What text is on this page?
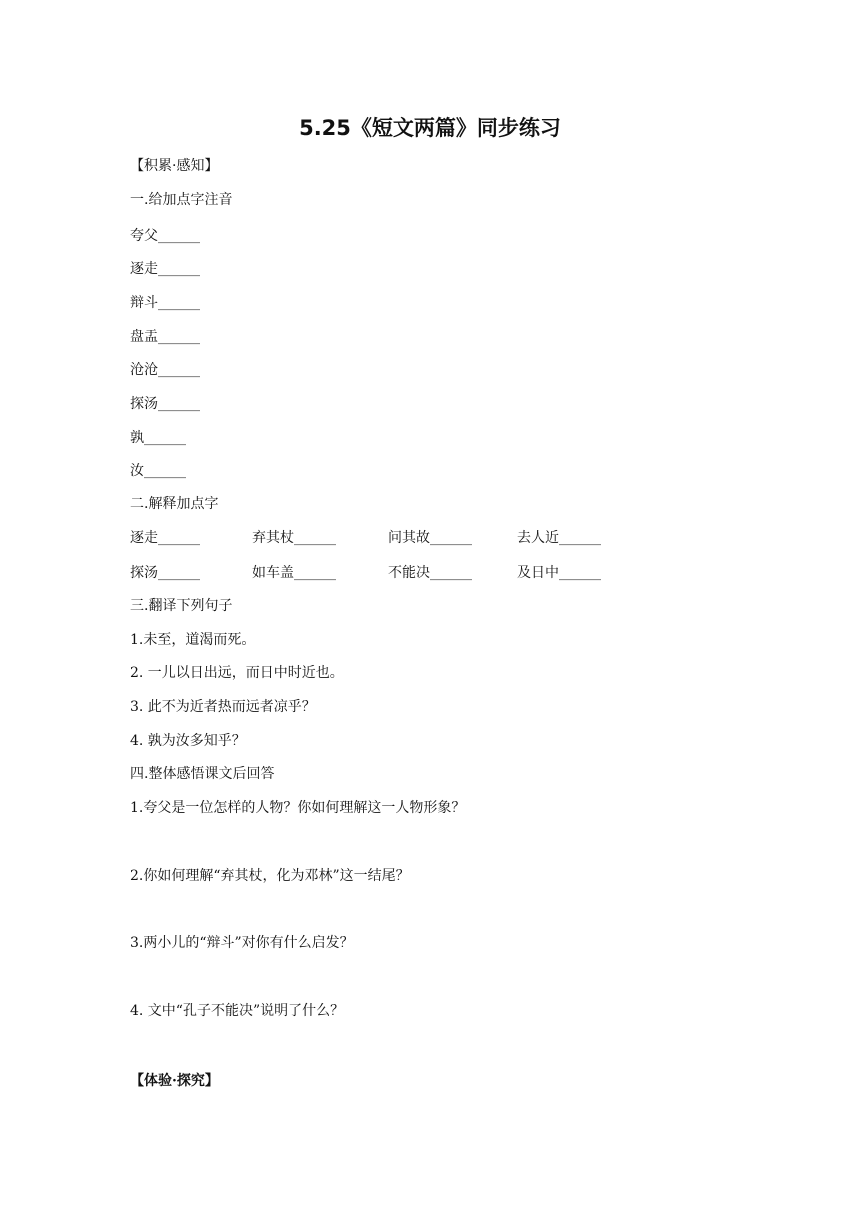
5.25《短文两篇》同步练习
【积累·感知】
一.给加点字注音
夸父______
逐走______
辩斗______
盘盂______
沧沧______
探汤______
孰______
汝______
二.解释加点字
逐走______	弃其杖______	问其故______	去人近______
探汤______	如车盖______	不能决______	及日中______
三.翻译下列句子
1.未至，道渴而死。
2. 一儿以日出远，而日中时近也。
3. 此不为近者热而远者凉乎？
4. 孰为汝多知乎？
四.整体感悟课文后回答
1.夸父是一位怎样的人物？你如何理解这一人物形象？
2.你如何理解“弃其杖，化为邓林”这一结尾？
3.两小儿的“辩斗”对你有什么启发？
4. 文中“孔子不能决”说明了什么？
【体验·探究】
